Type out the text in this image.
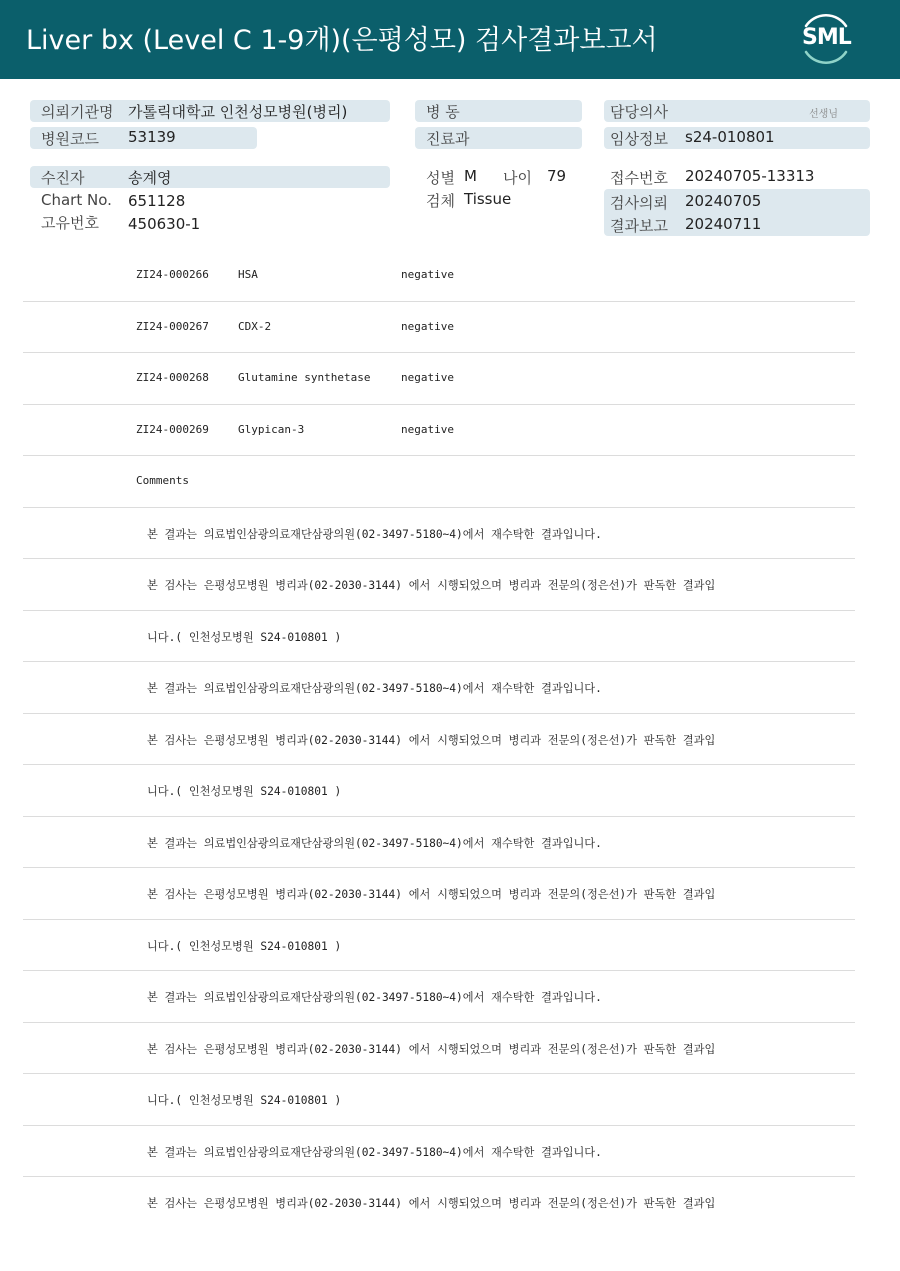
Liver bx (Level C 1-9개)(은평성모) 검사결과보고서	SML
의뢰기관명 가톨릭대학교 인천성모병원(병리)
병원코드 53139
수진자	송계영
Chart No. 651128
고유번호 450630-1
병 동
진료과
성별 M 나이 79
검체 Tissue
담당의사	선생님
임상정보 s24-010801
접수번호 20240705-13313
검사의뢰 20240705
결과보고 20240711
ZI24-000266	HSA	negative
ZI24-000267	CDX-2	negative
ZI24-000268	Glutamine synthetase	negative
ZI24-000269	Glypican-3	negative
Comments
본 결과는 의료법인삼광의료재단삼광의원(02-3497-5180~4)에서 재수탁한 결과입니다.
본 검사는 은평성모병원 병리과(02-2030-3144) 에서 시행되었으며 병리과 전문의(정은선)가 판독한 결과입
니다.( 인천성모병원 S24-010801 )
본 결과는 의료법인삼광의료재단삼광의원(02-3497-5180~4)에서 재수탁한 결과입니다.
본 검사는 은평성모병원 병리과(02-2030-3144) 에서 시행되었으며 병리과 전문의(정은선)가 판독한 결과입
니다.( 인천성모병원 S24-010801 )
본 결과는 의료법인삼광의료재단삼광의원(02-3497-5180~4)에서 재수탁한 결과입니다.
본 검사는 은평성모병원 병리과(02-2030-3144) 에서 시행되었으며 병리과 전문의(정은선)가 판독한 결과입
니다.( 인천성모병원 S24-010801 )
본 결과는 의료법인삼광의료재단삼광의원(02-3497-5180~4)에서 재수탁한 결과입니다.
본 검사는 은평성모병원 병리과(02-2030-3144) 에서 시행되었으며 병리과 전문의(정은선)가 판독한 결과입
니다.( 인천성모병원 S24-010801 )
본 결과는 의료법인삼광의료재단삼광의원(02-3497-5180~4)에서 재수탁한 결과입니다.
본 검사는 은평성모병원 병리과(02-2030-3144) 에서 시행되었으며 병리과 전문의(정은선)가 판독한 결과입
